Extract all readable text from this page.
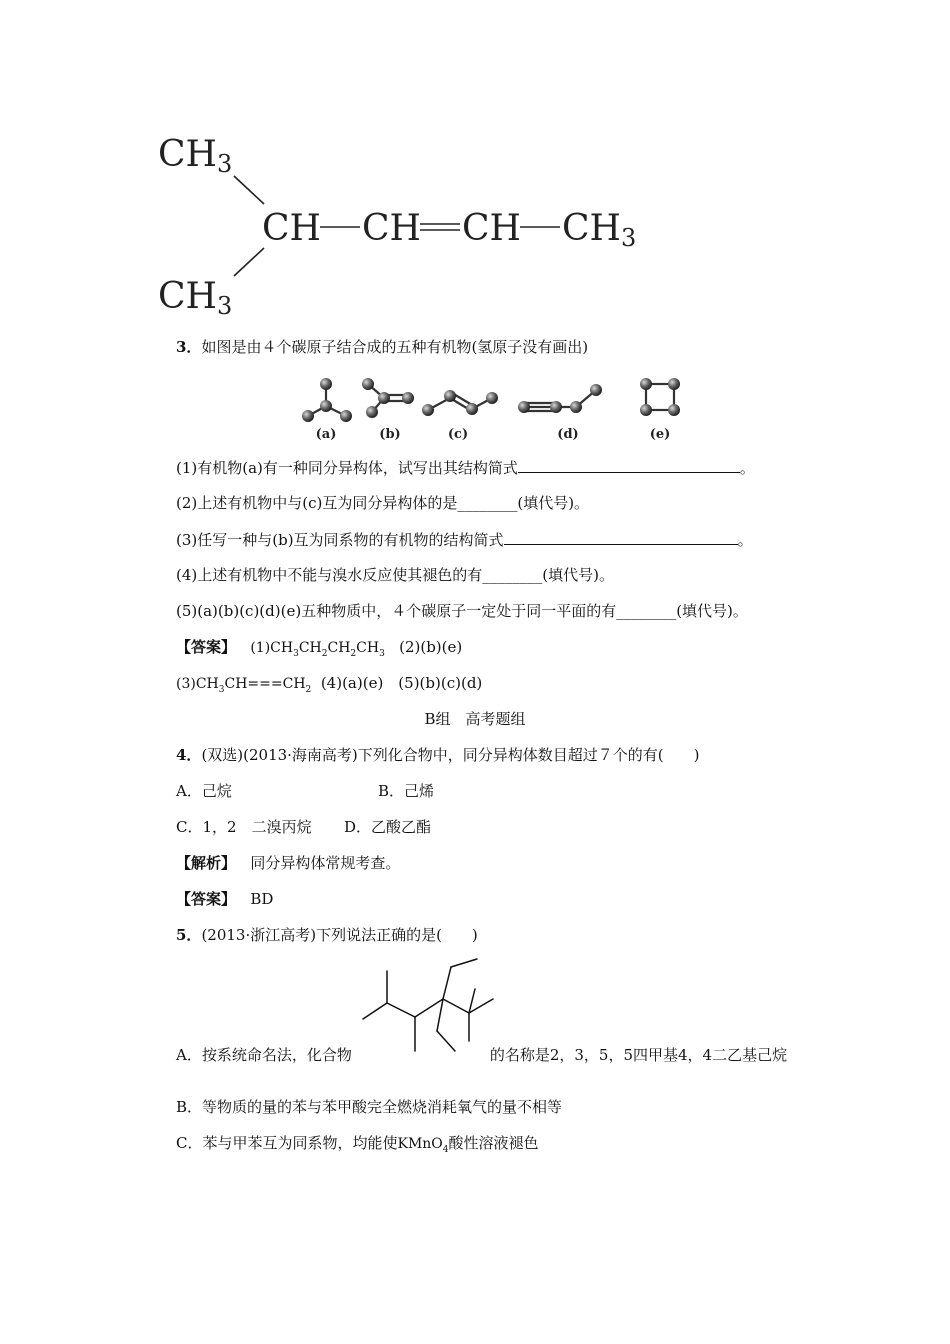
CH3
CH3
CH CH CH CH3
3．如图是由４个碳原子结合成的五种有机物(氢原子没有画出)
(a)	(b)	(c)	(d)	(e)
(1)有机物(a)有一种同分异构体，试写出其结构简式	。
(2)上述有机物中与(c)互为同分异构体的是________(填代号)。
(3)任写一种与(b)互为同系物的有机物的结构简式	。
(4)上述有机物中不能与溴水反应使其褪色的有________(填代号)。
(5)(a)(b)(c)(d)(e)五种物质中，４个碳原子一定处于同一平面的有________(填代号)。
【答案】 $(1)CH_3CH_2CH_2CH_3$ (2)(b)(e)
$(3)CH_3CH===CH_2$ (4)(a)(e)　(5)(b)(c)(d)
B组　高考题组
4．(双选)(2013·海南高考)下列化合物中，同分异构体数目超过７个的有(　　)
A．己烷	B．己烯
C．1，2　二溴丙烷 D．乙酸乙酯
【解析】 同分异构体常规考查。
【答案】 BD
5．(2013·浙江高考)下列说法正确的是(　　)
A．按系统命名法，化合物	的名称是2，3，5，5四甲基4，4二乙基己烷
B．等物质的量的苯与苯甲酸完全燃烧消耗氧气的量不相等
C．苯与甲苯互为同系物，均能使KMnO$_4$酸性溶液褪色
